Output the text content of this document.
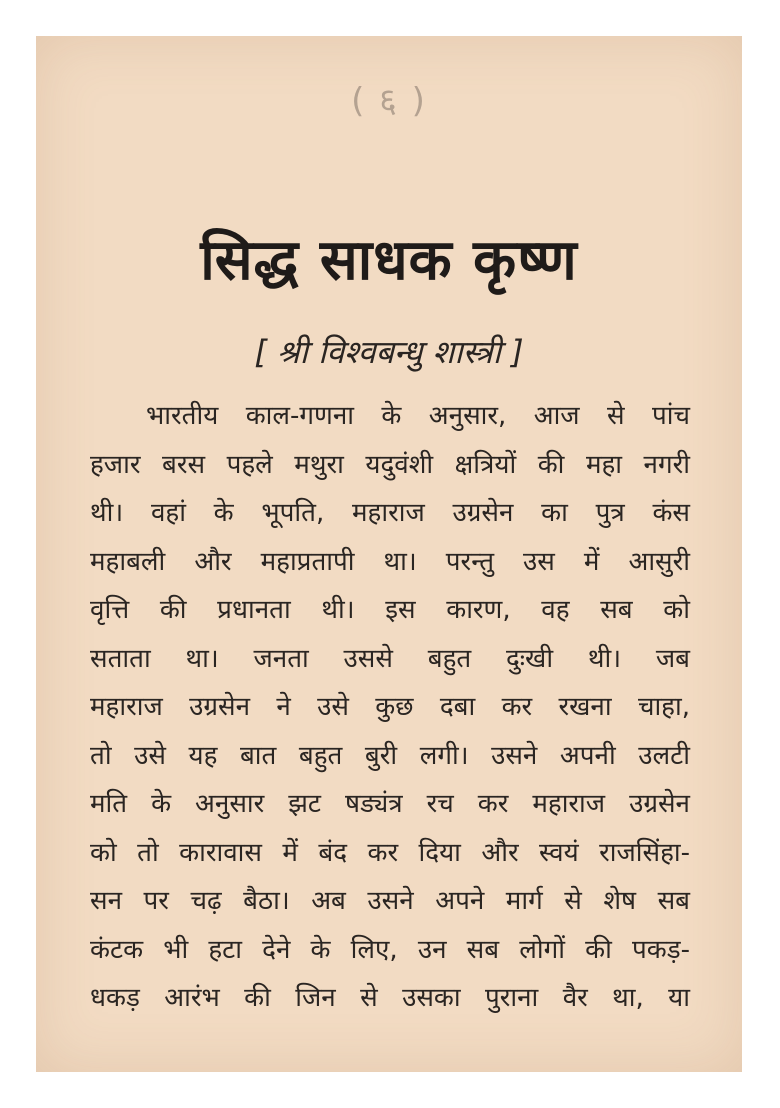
( ६ )
सिद्ध साधक कृष्ण
[ श्री विश्वबन्धु शास्त्री ]
भारतीय काल-गणना के अनुसार, आज से पांच
हजार बरस पहले मथुरा यदुवंशी क्षत्रियों की महा नगरी
थी। वहां के भूपति, महाराज उग्रसेन का पुत्र कंस
महाबली और महाप्रतापी था। परन्तु उस में आसुरी
वृत्ति की प्रधानता थी। इस कारण, वह सब को
सताता था। जनता उससे बहुत दुःखी थी। जब
महाराज उग्रसेन ने उसे कुछ दबा कर रखना चाहा,
तो उसे यह बात बहुत बुरी लगी। उसने अपनी उलटी
मति के अनुसार झट षड्यंत्र रच कर महाराज उग्रसेन
को तो कारावास में बंद कर दिया और स्वयं राजसिंहा-
सन पर चढ़ बैठा। अब उसने अपने मार्ग से शेष सब
कंटक भी हटा देने के लिए, उन सब लोगों की पकड़-
धकड़ आरंभ की जिन से उसका पुराना वैर था, या
